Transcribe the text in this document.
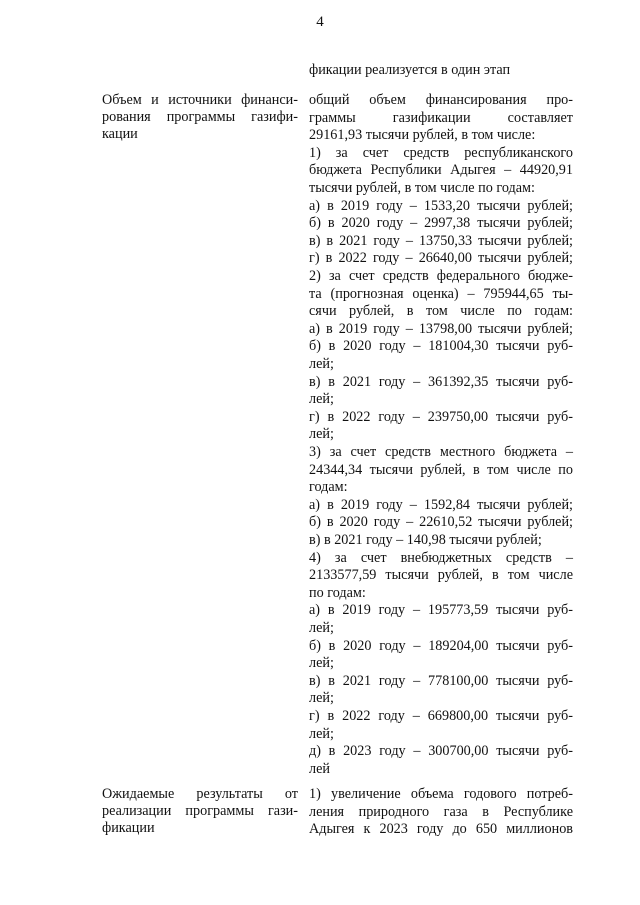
4
фикации реализуется в один этап

Объем и источники финанси-

рования программы газифи-

кации

общий объем финансирования про-

граммы газификации составляет

29161,93 тысячи рублей, в том числе:

1) за счет средств республиканского

бюджета Республики Адыгея – 44920,91

тысячи рублей, в том числе по годам:

а) в 2019 году – 1533,20 тысячи рублей;

б) в 2020 году – 2997,38 тысячи рублей;

в) в 2021 году – 13750,33 тысячи рублей;

г) в 2022 году – 26640,00 тысячи рублей;

2) за счет средств федерального бюдже-

та (прогнозная оценка) – 795944,65 ты-

сячи рублей, в том числе по годам:

а) в 2019 году – 13798,00 тысячи рублей;

б) в 2020 году – 181004,30 тысячи руб-

лей;

в) в 2021 году – 361392,35 тысячи руб-

лей;

г) в 2022 году – 239750,00 тысячи руб-

лей;

3) за счет средств местного бюджета –

24344,34 тысячи рублей, в том числе по

годам:

а) в 2019 году – 1592,84 тысячи рублей;

б) в 2020 году – 22610,52 тысячи рублей;

в) в 2021 году – 140,98 тысячи рублей;

4) за счет внебюджетных средств –

2133577,59 тысячи рублей, в том числе

по годам:

а) в 2019 году – 195773,59 тысячи руб-

лей;

б) в 2020 году – 189204,00 тысячи руб-

лей;

в) в 2021 году – 778100,00 тысячи руб-

лей;

г) в 2022 году – 669800,00 тысячи руб-

лей;

д) в 2023 году – 300700,00 тысячи руб-

лей

Ожидаемые результаты от

реализации программы гази-

фикации

1) увеличение объема годового потреб-

ления природного газа в Республике

Адыгея к 2023 году до 650 миллионов
